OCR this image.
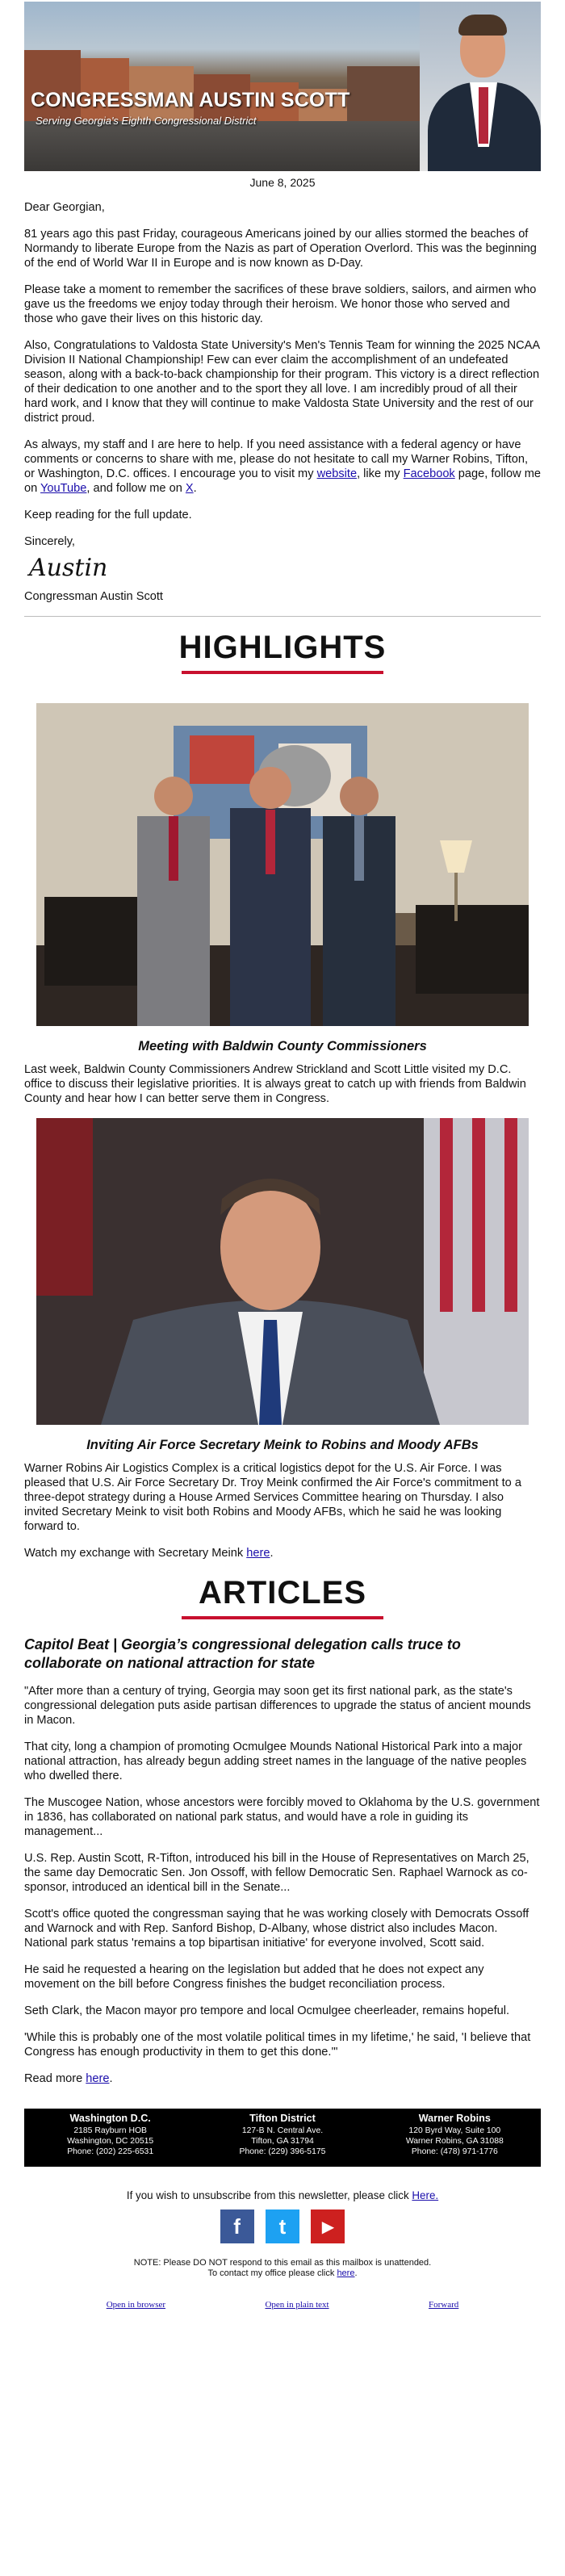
CONGRESSMAN AUSTIN SCOTT
Serving Georgia's Eighth Congressional District
June 8, 2025

Dear Georgian,

81 years ago this past Friday, courageous Americans joined by our allies stormed the beaches of Normandy to liberate Europe from the Nazis as part of Operation Overlord. This was the beginning of the end of World War II in Europe and is now known as D-Day.

Please take a moment to remember the sacrifices of these brave soldiers, sailors, and airmen who gave us the freedoms we enjoy today through their heroism. We honor those who served and those who gave their lives on this historic day.

Also, Congratulations to Valdosta State University's Men's Tennis Team for winning the 2025 NCAA Division II National Championship! Few can ever claim the accomplishment of an undefeated season, along with a back-to-back championship for their program. This victory is a direct reflection of their dedication to one another and to the sport they all love. I am incredibly proud of all their hard work, and I know that they will continue to make Valdosta State University and the rest of our district proud.

As always, my staff and I are here to help. If you need assistance with a federal agency or have comments or concerns to share with me, please do not hesitate to call my Warner Robins, Tifton, or Washington, D.C. offices. I encourage you to visit my website, like my Facebook page, follow me on YouTube, and follow me on X.

Keep reading for the full update.

Sincerely,

Austin

Congressman Austin Scott

HIGHLIGHTS
Meeting with Baldwin County Commissioners

Last week, Baldwin County Commissioners Andrew Strickland and Scott Little visited my D.C. office to discuss their legislative priorities. It is always great to catch up with friends from Baldwin County and hear how I can better serve them in Congress.

Inviting Air Force Secretary Meink to Robins and Moody AFBs

Warner Robins Air Logistics Complex is a critical logistics depot for the U.S. Air Force. I was pleased that U.S. Air Force Secretary Dr. Troy Meink confirmed the Air Force's commitment to a three-depot strategy during a House Armed Services Committee hearing on Thursday. I also invited Secretary Meink to visit both Robins and Moody AFBs, which he said he was looking forward to.

Watch my exchange with Secretary Meink here.

ARTICLES
Capitol Beat | Georgia’s congressional delegation calls truce to collaborate on national attraction for state

"After more than a century of trying, Georgia may soon get its first national park, as the state's congressional delegation puts aside partisan differences to upgrade the status of ancient mounds in Macon.

That city, long a champion of promoting Ocmulgee Mounds National Historical Park into a major national attraction, has already begun adding street names in the language of the native peoples who dwelled there.

The Muscogee Nation, whose ancestors were forcibly moved to Oklahoma by the U.S. government in 1836, has collaborated on national park status, and would have a role in guiding its management...

U.S. Rep. Austin Scott, R-Tifton, introduced his bill in the House of Representatives on March 25, the same day Democratic Sen. Jon Ossoff, with fellow Democratic Sen. Raphael Warnock as co-sponsor, introduced an identical bill in the Senate...

Scott's office quoted the congressman saying that he was working closely with Democrats Ossoff and Warnock and with Rep. Sanford Bishop, D-Albany, whose district also includes Macon. National park status 'remains a top bipartisan initiative' for everyone involved, Scott said.

He said he requested a hearing on the legislation but added that he does not expect any movement on the bill before Congress finishes the budget reconciliation process.

Seth Clark, the Macon mayor pro tempore and local Ocmulgee cheerleader, remains hopeful.

'While this is probably one of the most volatile political times in my lifetime,' he said, 'I believe that Congress has enough productivity in them to get this done.'"

Read more here.

Washington D.C.
2185 Rayburn HOB
Washington, DC 20515
Phone: (202) 225-6531
Tifton District
127-B N. Central Ave.
Tifton, GA 31794
Phone: (229) 396-5175
Warner Robins
120 Byrd Way, Suite 100
Warner Robins, GA 31088
Phone: (478) 971-1776
If you wish to unsubscribe from this newsletter, please click Here.
f t ▶
NOTE: Please DO NOT respond to this email as this mailbox is unattended.
To contact my office please click here.
Open in browser	Open in plain text	Forward
